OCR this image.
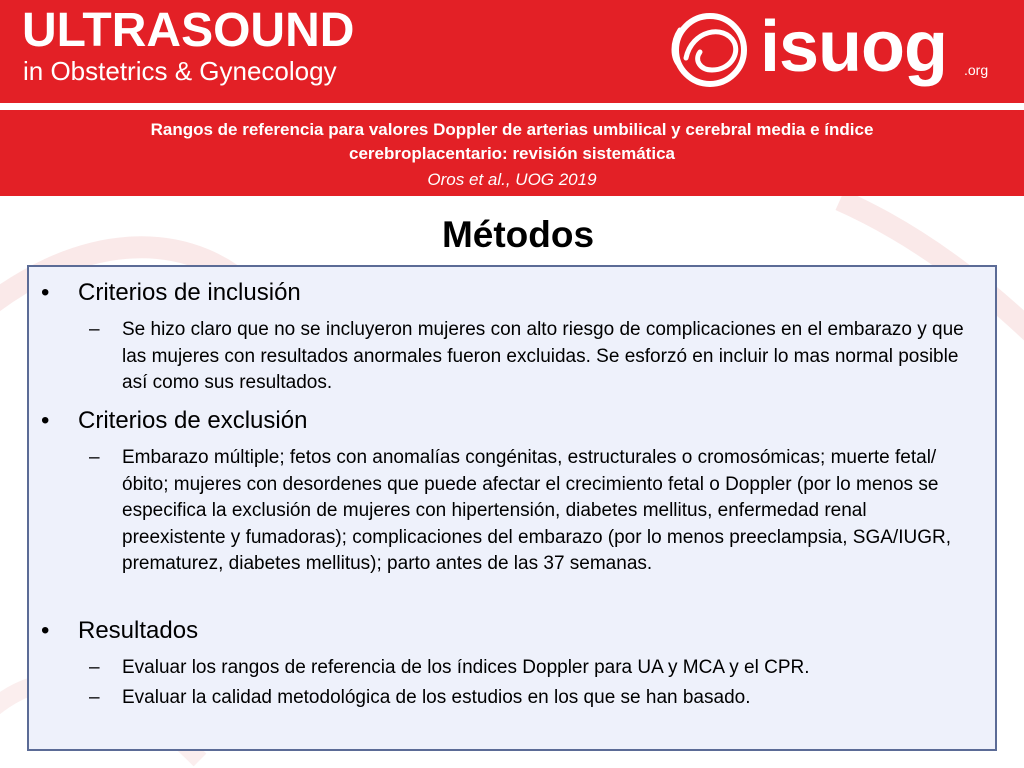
ULTRASOUND
in Obstetrics & Gynecology	isuog .org
Rangos de referencia para valores Doppler de arterias umbilical y cerebral media e índice cerebroplacentario: revisión sistemática
Oros et al., UOG 2019
Métodos
• Criterios de inclusión
– Se hizo claro que no se incluyeron mujeres con alto riesgo de complicaciones en el embarazo y que las mujeres con resultados anormales fueron excluidas. Se esforzó en incluir lo mas normal posible así como sus resultados.
• Criterios de exclusión
– Embarazo múltiple; fetos con anomalías congénitas, estructurales o cromosómicas; muerte fetal/óbito; mujeres con desordenes que puede afectar el crecimiento fetal o Doppler (por lo menos se especifica la exclusión de mujeres con hipertensión, diabetes mellitus, enfermedad renal preexistente y fumadoras); complicaciones del embarazo (por lo menos preeclampsia, SGA/IUGR, prematurez, diabetes mellitus); parto antes de las 37 semanas.
• Resultados
– Evaluar los rangos de referencia de los índices Doppler para UA y MCA y el CPR.
– Evaluar la calidad metodológica de los estudios en los que se han basado.
